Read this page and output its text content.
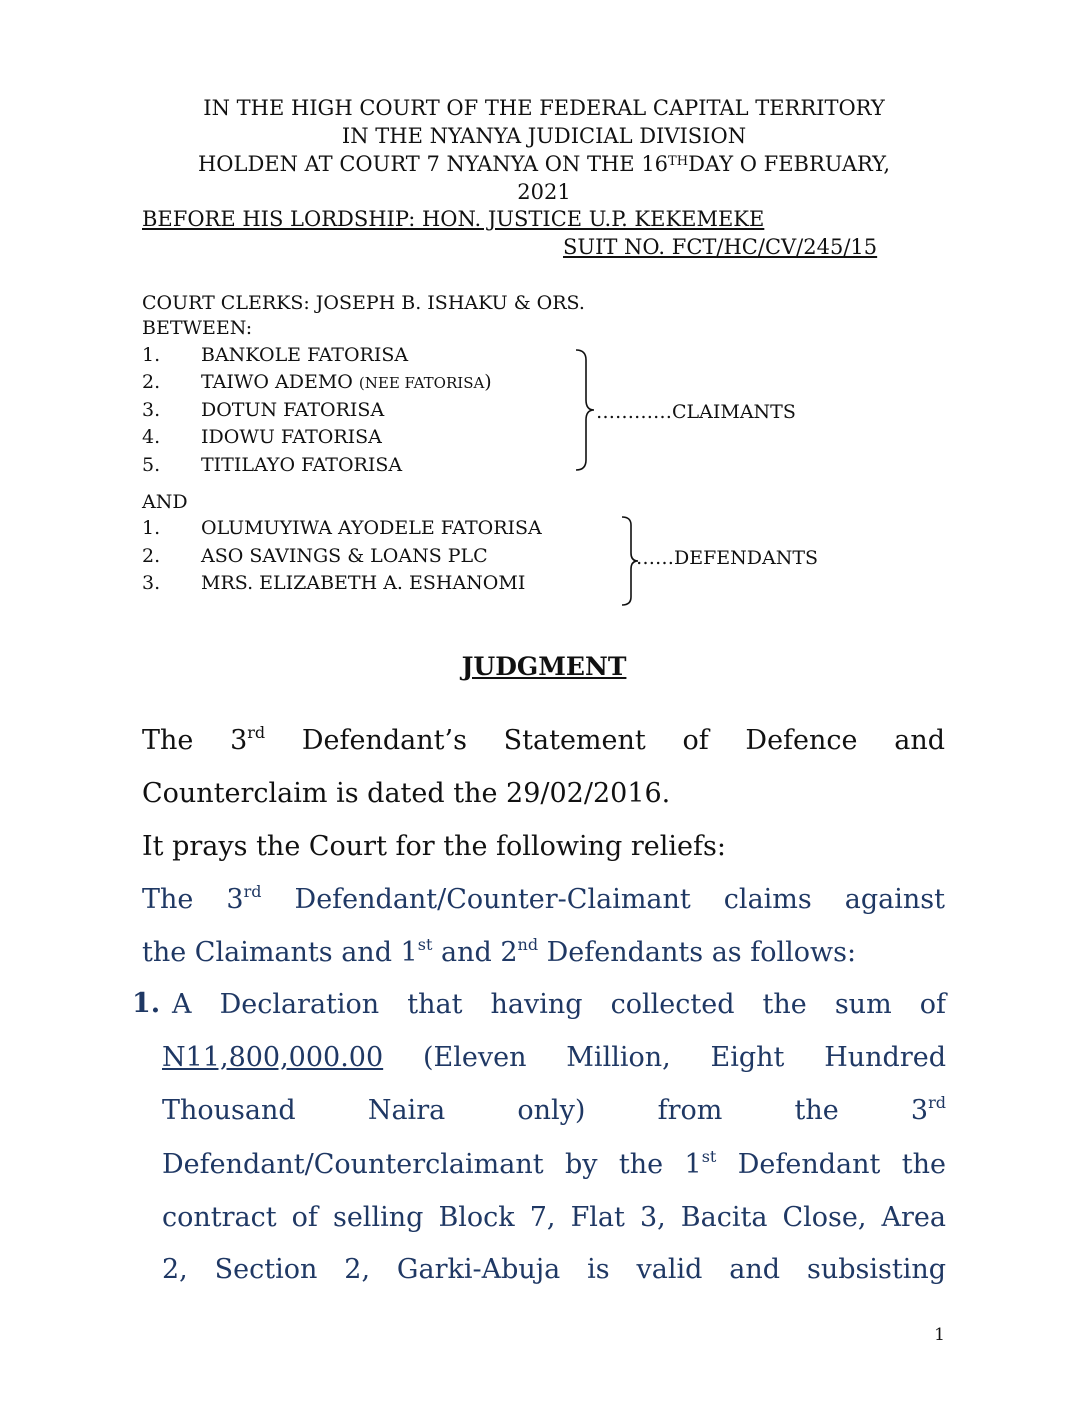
IN THE HIGH COURT OF THE FEDERAL CAPITAL TERRITORY
IN THE NYANYA JUDICIAL DIVISION
HOLDEN AT COURT 7 NYANYA ON THE 16THDAY O FEBRUARY,
2021
BEFORE HIS LORDSHIP: HON. JUSTICE U.P. KEKEMEKE
SUIT NO. FCT/HC/CV/245/15
COURT CLERKS: JOSEPH B. ISHAKU & ORS.
BETWEEN:
1. BANKOLE FATORISA
2. TAIWO ADEMO (NEE FATORISA)
3. DOTUN FATORISA
4. IDOWU FATORISA
5. TITILAYO FATORISA
…………CLAIMANTS
AND
1. OLUMUYIWA AYODELE FATORISA
2. ASO SAVINGS & LOANS PLC
3. MRS. ELIZABETH A. ESHANOMI
……DEFENDANTS
JUDGMENT
The 3rd Defendant’s Statement of Defence and
Counterclaim is dated the 29/02/2016.
It prays the Court for the following reliefs:
The 3rd Defendant/Counter-Claimant claims against
the Claimants and 1st and 2nd Defendants as follows:
1. A Declaration that having collected the sum of
N11,800,000.00 (Eleven Million, Eight Hundred
Thousand Naira only) from the 3rd
Defendant/Counterclaimant by the 1st Defendant the
contract of selling Block 7, Flat 3, Bacita Close, Area
2, Section 2, Garki-Abuja is valid and subsisting
1
